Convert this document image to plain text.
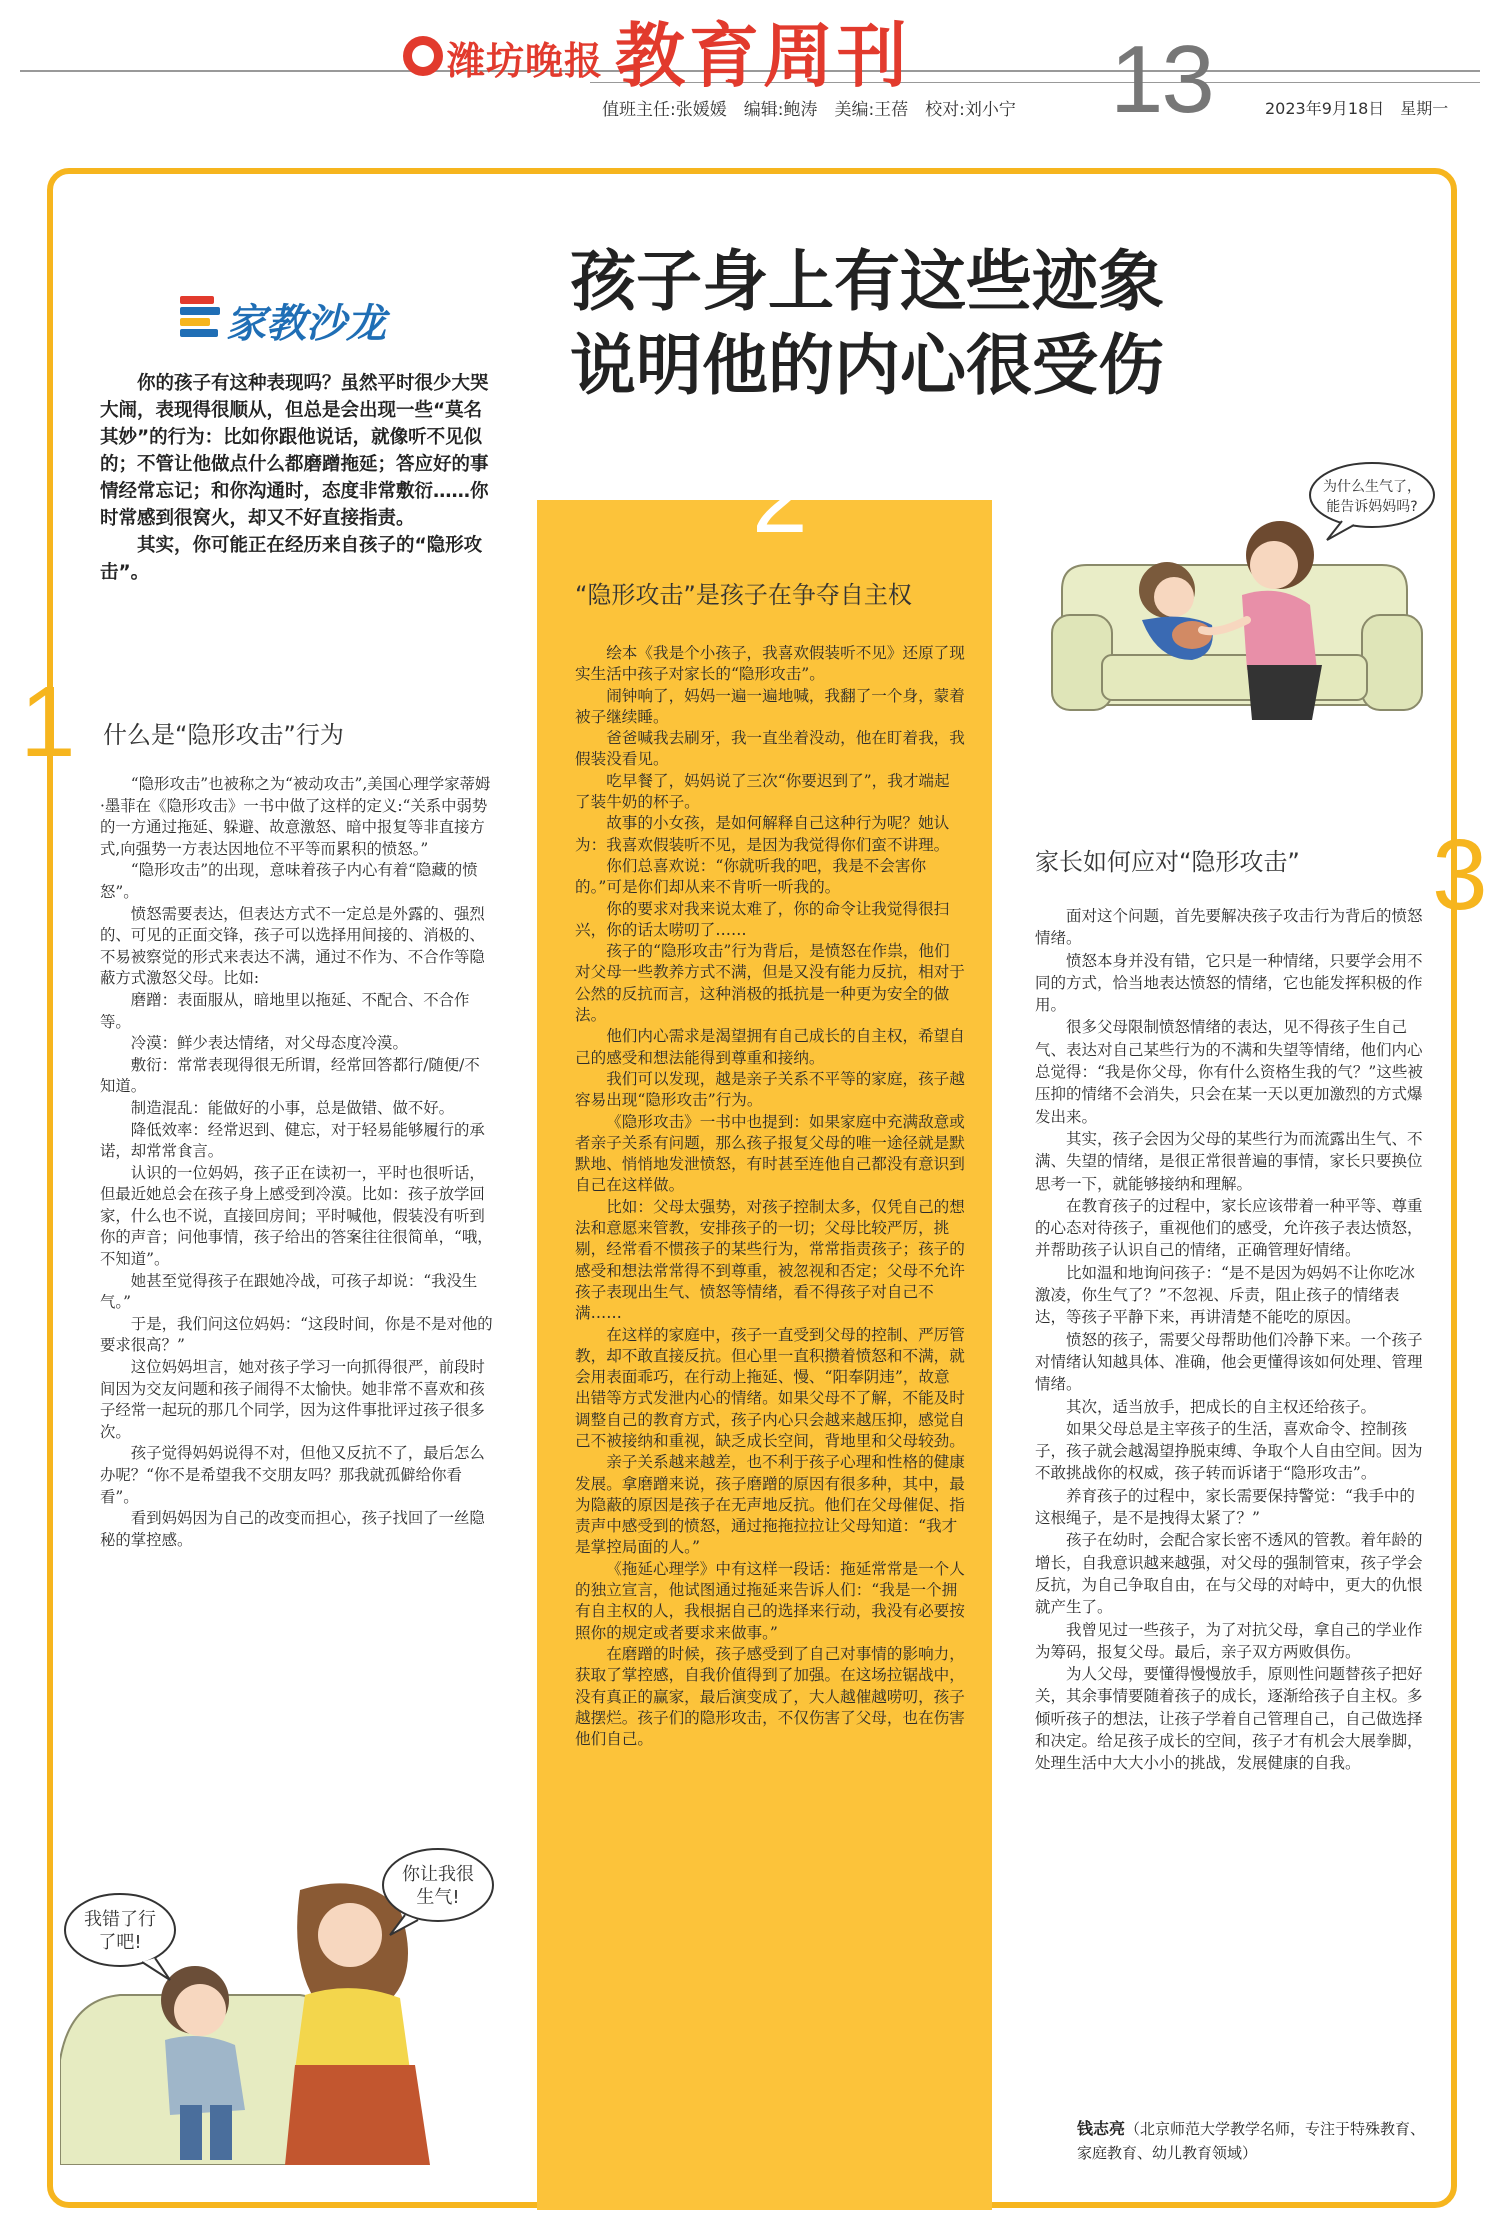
潍坊晚报 教育周刊
值班主任:张媛媛　编辑:鲍涛　美编:王蓓　校对:刘小宁 13	2023年9月18日　星期一
家教沙龙
孩子身上有这些迹象
说明他的内心很受伤

你的孩子有这种表现吗？虽然平时很少大哭大闹，表现得很顺从，但总是会出现一些“莫名其妙”的行为：比如你跟他说话，就像听不见似的；不管让他做点什么都磨蹭拖延；答应好的事情经常忘记；和你沟通时，态度非常敷衍……你时常感到很窝火，却又不好直接指责。

其实，你可能正在经历来自孩子的“隐形攻击”。

1
2
3
什么是“隐形攻击”行为
“隐形攻击”是孩子在争夺自主权
家长如何应对“隐形攻击”

“隐形攻击”也被称之为“被动攻击”,美国心理学家蒂姆·墨菲在《隐形攻击》一书中做了这样的定义:“关系中弱势的一方通过拖延、躲避、故意激怒、暗中报复等非直接方式,向强势一方表达因地位不平等而累积的愤怒。”

“隐形攻击”的出现，意味着孩子内心有着“隐藏的愤怒”。

愤怒需要表达，但表达方式不一定总是外露的、强烈的、可见的正面交锋，孩子可以选择用间接的、消极的、不易被察觉的形式来表达不满，通过不作为、不合作等隐蔽方式激怒父母。比如:

磨蹭：表面服从，暗地里以拖延、不配合、不合作等。

冷漠：鲜少表达情绪，对父母态度冷漠。

敷衍：常常表现得很无所谓，经常回答都行/随便/不知道。

制造混乱：能做好的小事，总是做错、做不好。

降低效率：经常迟到、健忘，对于轻易能够履行的承诺，却常常食言。

认识的一位妈妈，孩子正在读初一，平时也很听话，但最近她总会在孩子身上感受到冷漠。比如：孩子放学回家，什么也不说，直接回房间；平时喊他，假装没有听到你的声音；问他事情，孩子给出的答案往往很简单，“哦，不知道”。

她甚至觉得孩子在跟她冷战，可孩子却说：“我没生气。”

于是，我们问这位妈妈：“这段时间，你是不是对他的要求很高？”

这位妈妈坦言，她对孩子学习一向抓得很严，前段时间因为交友问题和孩子闹得不太愉快。她非常不喜欢和孩子经常一起玩的那几个同学，因为这件事批评过孩子很多次。

孩子觉得妈妈说得不对，但他又反抗不了，最后怎么办呢？“你不是希望我不交朋友吗？那我就孤僻给你看看”。

看到妈妈因为自己的改变而担心，孩子找回了一丝隐秘的掌控感。

绘本《我是个小孩子，我喜欢假装听不见》还原了现实生活中孩子对家长的“隐形攻击”。

闹钟响了，妈妈一遍一遍地喊，我翻了一个身，蒙着被子继续睡。

爸爸喊我去刷牙，我一直坐着没动，他在盯着我，我假装没看见。

吃早餐了，妈妈说了三次“你要迟到了”，我才端起了装牛奶的杯子。

故事的小女孩，是如何解释自己这种行为呢？她认为：我喜欢假装听不见，是因为我觉得你们蛮不讲理。

你们总喜欢说：“你就听我的吧，我是不会害你的。”可是你们却从来不肯听一听我的。

你的要求对我来说太难了，你的命令让我觉得很扫兴，你的话太唠叨了……

孩子的“隐形攻击”行为背后，是愤怒在作祟，他们对父母一些教养方式不满，但是又没有能力反抗，相对于公然的反抗而言，这种消极的抵抗是一种更为安全的做法。

他们内心需求是渴望拥有自己成长的自主权，希望自己的感受和想法能得到尊重和接纳。

我们可以发现，越是亲子关系不平等的家庭，孩子越容易出现“隐形攻击”行为。

《隐形攻击》一书中也提到：如果家庭中充满敌意或者亲子关系有问题，那么孩子报复父母的唯一途径就是默默地、悄悄地发泄愤怒，有时甚至连他自己都没有意识到自己在这样做。

比如：父母太强势，对孩子控制太多，仅凭自己的想法和意愿来管教，安排孩子的一切；父母比较严厉，挑剔，经常看不惯孩子的某些行为，常常指责孩子；孩子的感受和想法常常得不到尊重，被忽视和否定；父母不允许孩子表现出生气、愤怒等情绪，看不得孩子对自己不满……

在这样的家庭中，孩子一直受到父母的控制、严厉管教，却不敢直接反抗。但心里一直积攒着愤怒和不满，就会用表面乖巧，在行动上拖延、慢、“阳奉阴违”，故意出错等方式发泄内心的情绪。如果父母不了解，不能及时调整自己的教育方式，孩子内心只会越来越压抑，感觉自己不被接纳和重视，缺乏成长空间，背地里和父母较劲。

亲子关系越来越差，也不利于孩子心理和性格的健康发展。拿磨蹭来说，孩子磨蹭的原因有很多种，其中，最为隐蔽的原因是孩子在无声地反抗。他们在父母催促、指责声中感受到的愤怒，通过拖拖拉拉让父母知道：“我才是掌控局面的人。”

《拖延心理学》中有这样一段话：拖延常常是一个人的独立宣言，他试图通过拖延来告诉人们：“我是一个拥有自主权的人，我根据自己的选择来行动，我没有必要按照你的规定或者要求来做事。”

在磨蹭的时候，孩子感受到了自己对事情的影响力，获取了掌控感，自我价值得到了加强。在这场拉锯战中，没有真正的赢家，最后演变成了，大人越催越唠叨，孩子越摆烂。孩子们的隐形攻击，不仅伤害了父母，也在伤害他们自己。

面对这个问题，首先要解决孩子攻击行为背后的愤怒情绪。

愤怒本身并没有错，它只是一种情绪，只要学会用不同的方式，恰当地表达愤怒的情绪，它也能发挥积极的作用。

很多父母限制愤怒情绪的表达，见不得孩子生自己气、表达对自己某些行为的不满和失望等情绪，他们内心总觉得：“我是你父母，你有什么资格生我的气？”这些被压抑的情绪不会消失，只会在某一天以更加激烈的方式爆发出来。

其实，孩子会因为父母的某些行为而流露出生气、不满、失望的情绪，是很正常很普遍的事情，家长只要换位思考一下，就能够接纳和理解。

在教育孩子的过程中，家长应该带着一种平等、尊重的心态对待孩子，重视他们的感受，允许孩子表达愤怒，并帮助孩子认识自己的情绪，正确管理好情绪。

比如温和地询问孩子：“是不是因为妈妈不让你吃冰激凌，你生气了？”不忽视、斥责，阻止孩子的情绪表达，等孩子平静下来，再讲清楚不能吃的原因。

愤怒的孩子，需要父母帮助他们冷静下来。一个孩子对情绪认知越具体、准确，他会更懂得该如何处理、管理情绪。

其次，适当放手，把成长的自主权还给孩子。

如果父母总是主宰孩子的生活，喜欢命令、控制孩子，孩子就会越渴望挣脱束缚、争取个人自由空间。因为不敢挑战你的权威，孩子转而诉诸于“隐形攻击”。

养育孩子的过程中，家长需要保持警觉：“我手中的这根绳子，是不是拽得太紧了？”

孩子在幼时，会配合家长密不透风的管教。着年龄的增长，自我意识越来越强，对父母的强制管束，孩子学会反抗，为自己争取自由，在与父母的对峙中，更大的仇恨就产生了。

我曾见过一些孩子，为了对抗父母，拿自己的学业作为筹码，报复父母。最后，亲子双方两败俱伤。

为人父母，要懂得慢慢放手，原则性问题替孩子把好关，其余事情要随着孩子的成长，逐渐给孩子自主权。多倾听孩子的想法，让孩子学着自己管理自己，自己做选择和决定。给足孩子成长的空间，孩子才有机会大展拳脚，处理生活中大大小小的挑战，发展健康的自我。

钱志亮（北京师范大学教学名师，专注于特殊教育、家庭教育、幼儿教育领域）
为什么生气了，
能告诉妈妈吗?
我错了行
了吧!
你让我很
生气!
